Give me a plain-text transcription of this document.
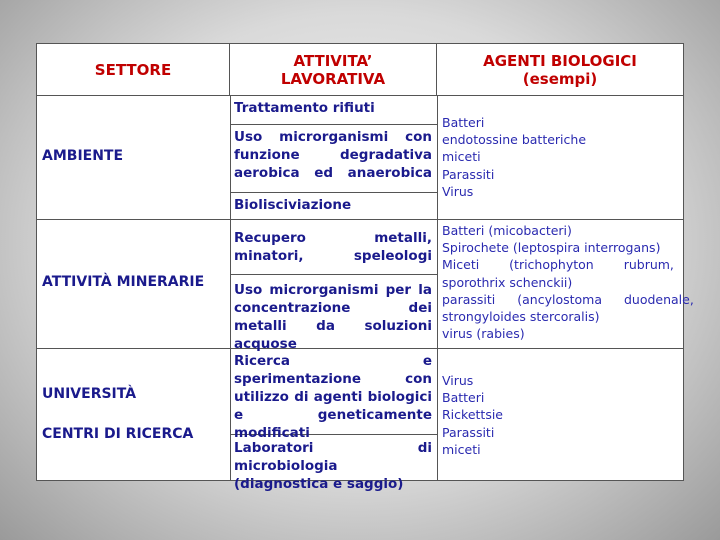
SETTORE	ATTIVITA’
LAVORATIVA
AGENTI BIOLOGICI
(esempi)
AMBIENTE
Trattamento rifiuti
Uso microrganismi con funzione degradativa aerobica ed anaerobica
Biolisciviazione
Batteri
endotossine batteriche
miceti
Parassiti
Virus
ATTIVITÀ MINERARIE
Recupero metalli, minatori, speleologi
Uso microrganismi per la concentrazione dei metalli da soluzioni acquose
Batteri (micobacteri)
Spirochete (leptospira interrogans)
Miceti (trichophyton rubrum,
sporothrix schenckii)
parassiti (ancylostoma duodenale,
strongyloides stercoralis)
virus (rabies)
UNIVERSITÀ
CENTRI DI RICERCA
Ricerca e sperimentazione con utilizzo di agenti biologici e geneticamente modificati
Laboratori di microbiologia (diagnostica e saggio)
Virus
Batteri
Rickettsie
Parassiti
miceti
